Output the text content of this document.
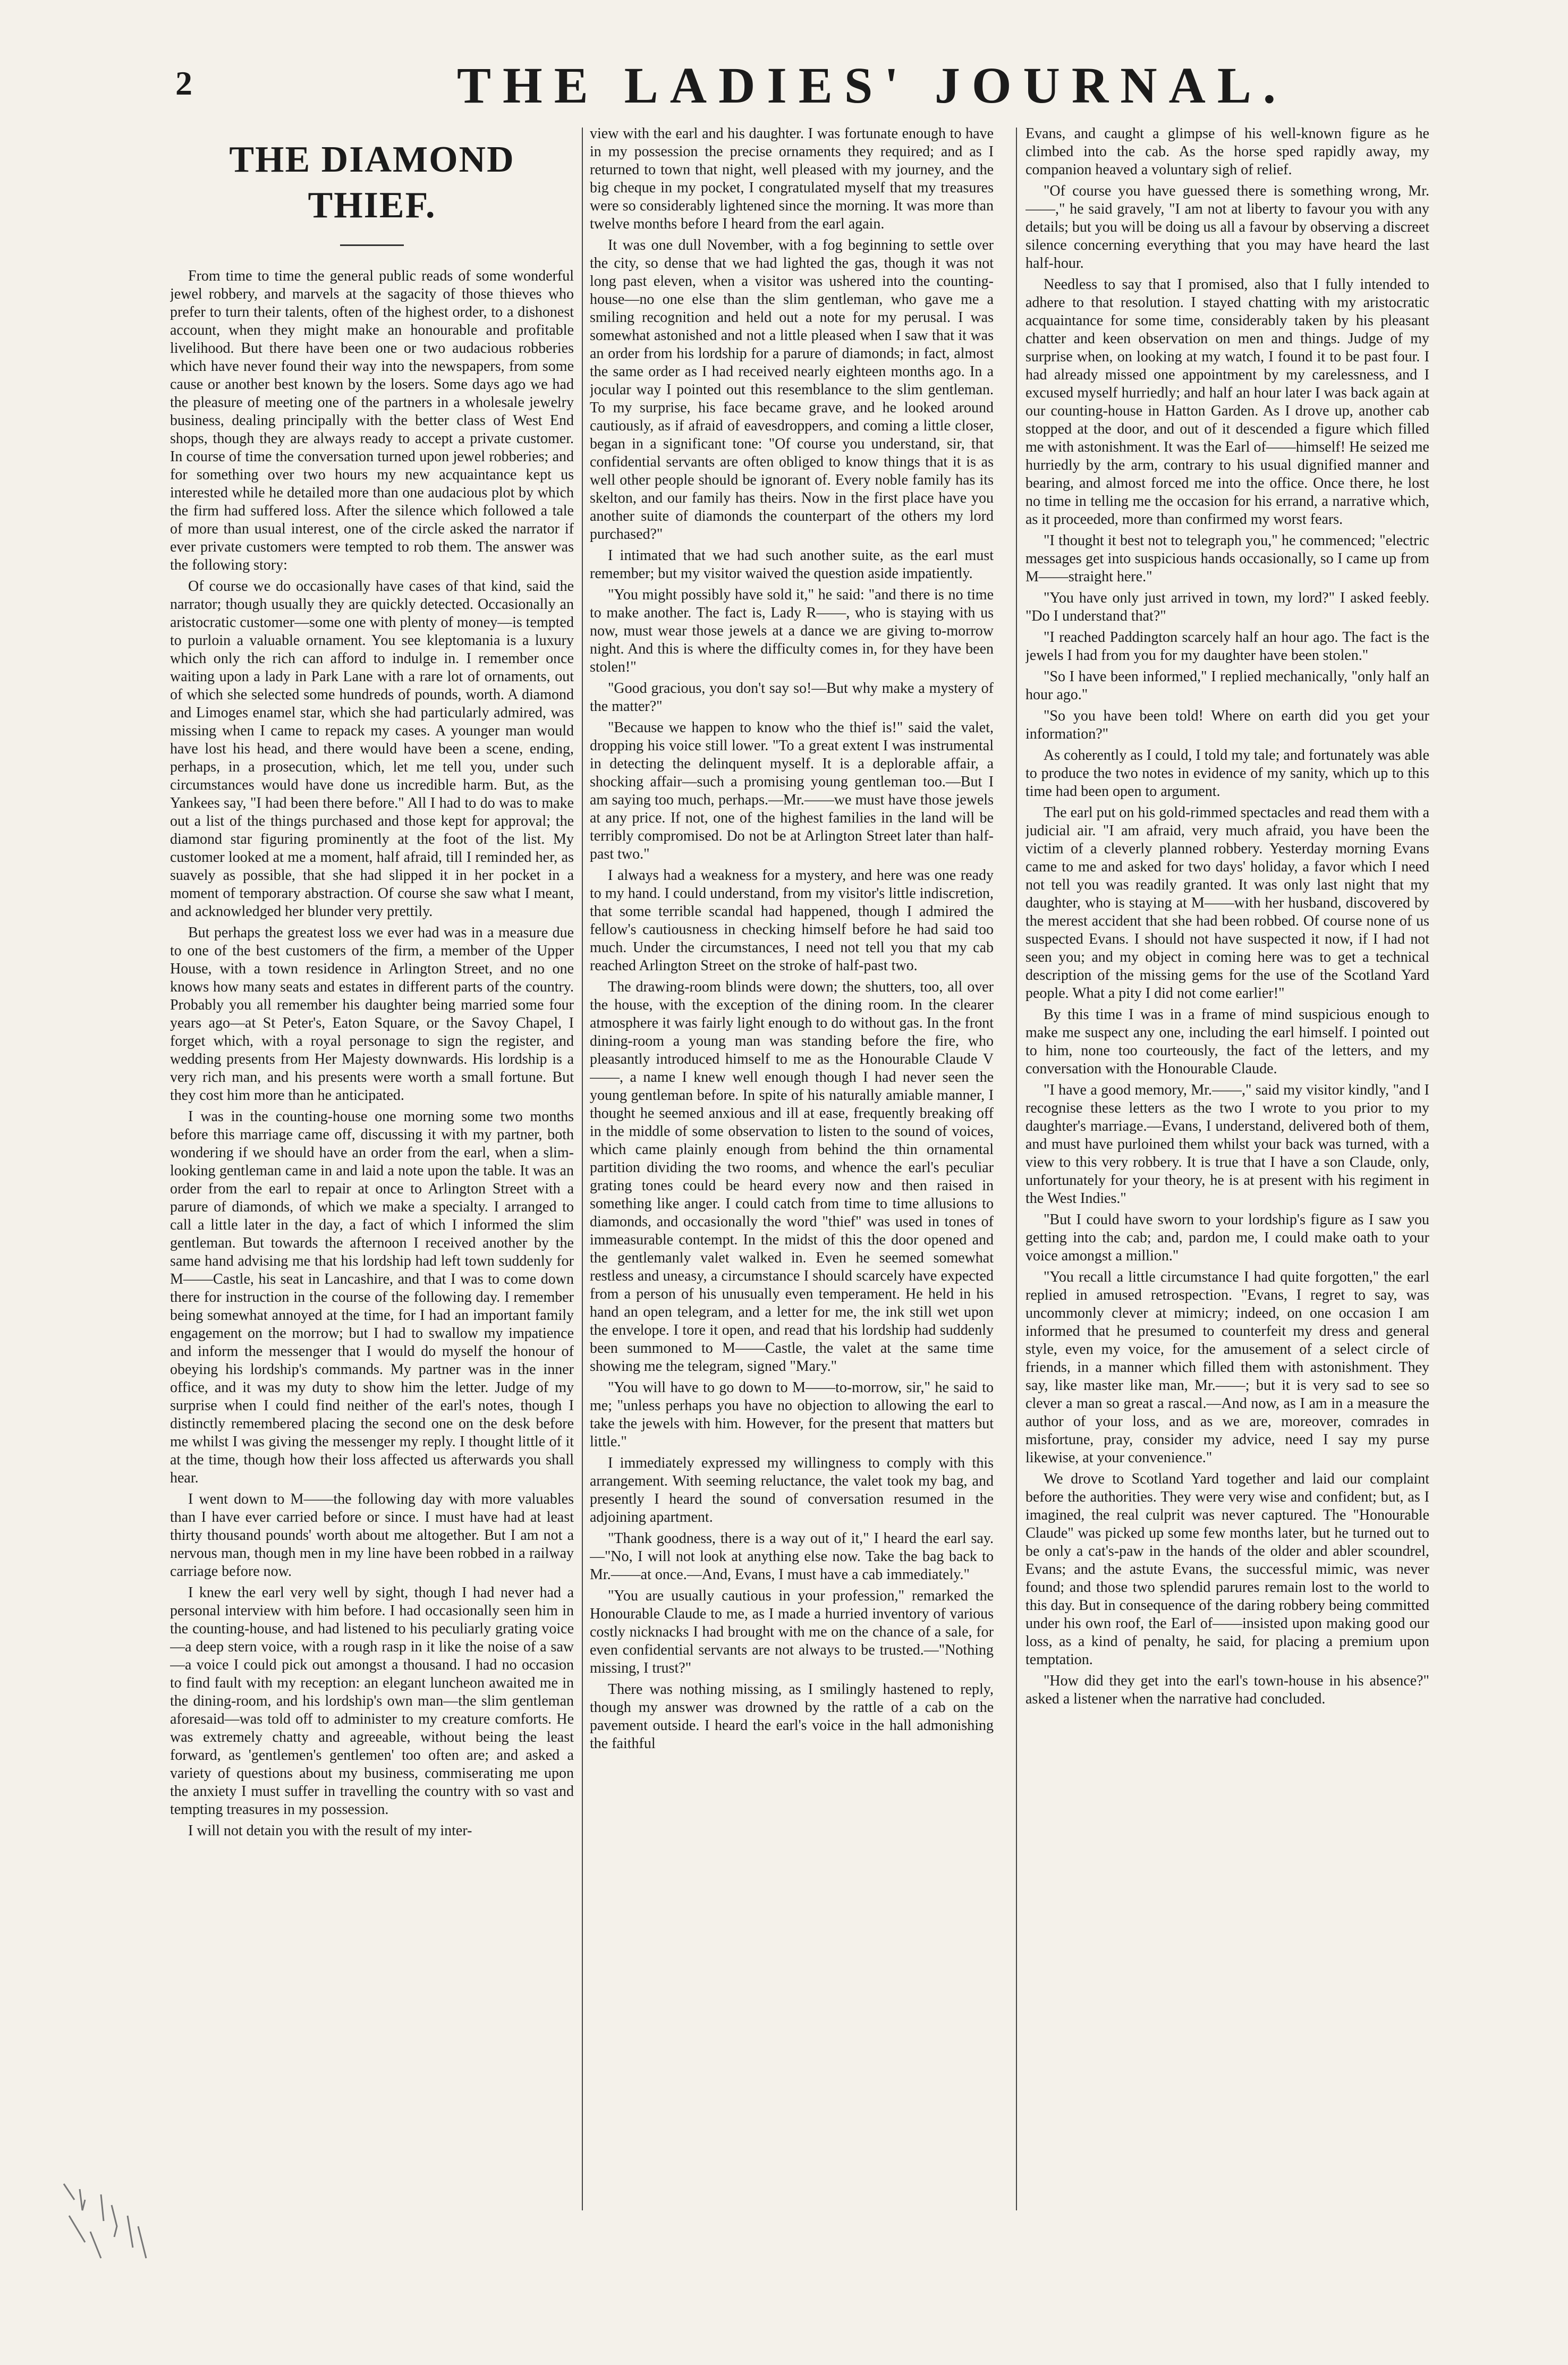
2	THE LADIES' JOURNAL.
THE DIAMOND THIEF.

From time to time the general public reads of some wonderful jewel robbery, and marvels at the sagacity of those thieves who prefer to turn their talents, often of the highest order, to a dishonest account, when they might make an honourable and profitable livelihood. But there have been one or two audacious robberies which have never found their way into the newspapers, from some cause or another best known by the losers. Some days ago we had the pleasure of meeting one of the partners in a wholesale jewelry business, dealing principally with the better class of West End shops, though they are always ready to accept a private customer. In course of time the conversation turned upon jewel robberies; and for something over two hours my new acquaintance kept us interested while he detailed more than one audacious plot by which the firm had suffered loss. After the silence which followed a tale of more than usual interest, one of the circle asked the narrator if ever private customers were tempted to rob them. The answer was the following story:

Of course we do occasionally have cases of that kind, said the narrator; though usually they are quickly detected. Occasionally an aristocratic customer—some one with plenty of money—is tempted to purloin a valuable ornament. You see kleptomania is a luxury which only the rich can afford to indulge in. I remember once waiting upon a lady in Park Lane with a rare lot of ornaments, out of which she selected some hundreds of pounds, worth. A diamond and Limoges enamel star, which she had particularly admired, was missing when I came to repack my cases. A younger man would have lost his head, and there would have been a scene, ending, perhaps, in a prosecution, which, let me tell you, under such circumstances would have done us incredible harm. But, as the Yankees say, "I had been there before." All I had to do was to make out a list of the things purchased and those kept for approval; the diamond star figuring prominently at the foot of the list. My customer looked at me a moment, half afraid, till I reminded her, as suavely as possible, that she had slipped it in her pocket in a moment of temporary abstraction. Of course she saw what I meant, and acknowledged her blunder very prettily.

But perhaps the greatest loss we ever had was in a measure due to one of the best customers of the firm, a member of the Upper House, with a town residence in Arlington Street, and no one knows how many seats and estates in different parts of the country. Probably you all remember his daughter being married some four years ago—at St Peter's, Eaton Square, or the Savoy Chapel, I forget which, with a royal personage to sign the register, and wedding presents from Her Majesty downwards. His lordship is a very rich man, and his presents were worth a small fortune. But they cost him more than he anticipated.

I was in the counting-house one morning some two months before this marriage came off, discussing it with my partner, both wondering if we should have an order from the earl, when a slim-looking gentleman came in and laid a note upon the table. It was an order from the earl to repair at once to Arlington Street with a parure of diamonds, of which we make a specialty. I arranged to call a little later in the day, a fact of which I informed the slim gentleman. But towards the afternoon I received another by the same hand advising me that his lordship had left town suddenly for M——Castle, his seat in Lancashire, and that I was to come down there for instruction in the course of the following day. I remember being somewhat annoyed at the time, for I had an important family engagement on the morrow; but I had to swallow my impatience and inform the messenger that I would do myself the honour of obeying his lordship's commands. My partner was in the inner office, and it was my duty to show him the letter. Judge of my surprise when I could find neither of the earl's notes, though I distinctly remembered placing the second one on the desk before me whilst I was giving the messenger my reply. I thought little of it at the time, though how their loss affected us afterwards you shall hear.

I went down to M——the following day with more valuables than I have ever carried before or since. I must have had at least thirty thousand pounds' worth about me altogether. But I am not a nervous man, though men in my line have been robbed in a railway carriage before now.

I knew the earl very well by sight, though I had never had a personal interview with him before. I had occasionally seen him in the counting-house, and had listened to his peculiarly grating voice—a deep stern voice, with a rough rasp in it like the noise of a saw—a voice I could pick out amongst a thousand. I had no occasion to find fault with my reception: an elegant luncheon awaited me in the dining-room, and his lordship's own man—the slim gentleman aforesaid—was told off to administer to my creature comforts. He was extremely chatty and agreeable, without being the least forward, as 'gentlemen's gentlemen' too often are; and asked a variety of questions about my business, commiserating me upon the anxiety I must suffer in travelling the country with so vast and tempting treasures in my possession.

I will not detain you with the result of my inter-

view with the earl and his daughter. I was fortunate enough to have in my possession the precise ornaments they required; and as I returned to town that night, well pleased with my journey, and the big cheque in my pocket, I congratulated myself that my treasures were so considerably lightened since the morning. It was more than twelve months before I heard from the earl again.

It was one dull November, with a fog beginning to settle over the city, so dense that we had lighted the gas, though it was not long past eleven, when a visitor was ushered into the counting-house—no one else than the slim gentleman, who gave me a smiling recognition and held out a note for my perusal. I was somewhat astonished and not a little pleased when I saw that it was an order from his lordship for a parure of diamonds; in fact, almost the same order as I had received nearly eighteen months ago. In a jocular way I pointed out this resemblance to the slim gentleman. To my surprise, his face became grave, and he looked around cautiously, as if afraid of eavesdroppers, and coming a little closer, began in a significant tone: "Of course you understand, sir, that confidential servants are often obliged to know things that it is as well other people should be ignorant of. Every noble family has its skelton, and our family has theirs. Now in the first place have you another suite of diamonds the counterpart of the others my lord purchased?"

I intimated that we had such another suite, as the earl must remember; but my visitor waived the question aside impatiently.

"You might possibly have sold it," he said: "and there is no time to make another. The fact is, Lady R——, who is staying with us now, must wear those jewels at a dance we are giving to-morrow night. And this is where the difficulty comes in, for they have been stolen!"

"Good gracious, you don't say so!—But why make a mystery of the matter?"

"Because we happen to know who the thief is!" said the valet, dropping his voice still lower. "To a great extent I was instrumental in detecting the delinquent myself. It is a deplorable affair, a shocking affair—such a promising young gentleman too.—But I am saying too much, perhaps.—Mr.——we must have those jewels at any price. If not, one of the highest families in the land will be terribly compromised. Do not be at Arlington Street later than half-past two."

I always had a weakness for a mystery, and here was one ready to my hand. I could understand, from my visitor's little indiscretion, that some terrible scandal had happened, though I admired the fellow's cautiousness in checking himself before he had said too much. Under the circumstances, I need not tell you that my cab reached Arlington Street on the stroke of half-past two.

The drawing-room blinds were down; the shutters, too, all over the house, with the exception of the dining room. In the clearer atmosphere it was fairly light enough to do without gas. In the front dining-room a young man was standing before the fire, who pleasantly introduced himself to me as the Honourable Claude V——, a name I knew well enough though I had never seen the young gentleman before. In spite of his naturally amiable manner, I thought he seemed anxious and ill at ease, frequently breaking off in the middle of some observation to listen to the sound of voices, which came plainly enough from behind the thin ornamental partition dividing the two rooms, and whence the earl's peculiar grating tones could be heard every now and then raised in something like anger. I could catch from time to time allusions to diamonds, and occasionally the word "thief" was used in tones of immeasurable contempt. In the midst of this the door opened and the gentlemanly valet walked in. Even he seemed somewhat restless and uneasy, a circumstance I should scarcely have expected from a person of his unusually even temperament. He held in his hand an open telegram, and a letter for me, the ink still wet upon the envelope. I tore it open, and read that his lordship had suddenly been summoned to M——Castle, the valet at the same time showing me the telegram, signed "Mary."

"You will have to go down to M——to-morrow, sir," he said to me; "unless perhaps you have no objection to allowing the earl to take the jewels with him. However, for the present that matters but little."

I immediately expressed my willingness to comply with this arrangement. With seeming reluctance, the valet took my bag, and presently I heard the sound of conversation resumed in the adjoining apartment.

"Thank goodness, there is a way out of it," I heard the earl say.—"No, I will not look at anything else now. Take the bag back to Mr.——at once.—And, Evans, I must have a cab immediately."

"You are usually cautious in your profession," remarked the Honourable Claude to me, as I made a hurried inventory of various costly nicknacks I had brought with me on the chance of a sale, for even confidential servants are not always to be trusted.—"Nothing missing, I trust?"

There was nothing missing, as I smilingly hastened to reply, though my answer was drowned by the rattle of a cab on the pavement outside. I heard the earl's voice in the hall admonishing the faithful

Evans, and caught a glimpse of his well-known figure as he climbed into the cab. As the horse sped rapidly away, my companion heaved a voluntary sigh of relief.

"Of course you have guessed there is something wrong, Mr.——," he said gravely, "I am not at liberty to favour you with any details; but you will be doing us all a favour by observing a discreet silence concerning everything that you may have heard the last half-hour.

Needless to say that I promised, also that I fully intended to adhere to that resolution. I stayed chatting with my aristocratic acquaintance for some time, considerably taken by his pleasant chatter and keen observation on men and things. Judge of my surprise when, on looking at my watch, I found it to be past four. I had already missed one appointment by my carelessness, and I excused myself hurriedly; and half an hour later I was back again at our counting-house in Hatton Garden. As I drove up, another cab stopped at the door, and out of it descended a figure which filled me with astonishment. It was the Earl of——himself! He seized me hurriedly by the arm, contrary to his usual dignified manner and bearing, and almost forced me into the office. Once there, he lost no time in telling me the occasion for his errand, a narrative which, as it proceeded, more than confirmed my worst fears.

"I thought it best not to telegraph you," he commenced; "electric messages get into suspicious hands occasionally, so I came up from M——straight here."

"You have only just arrived in town, my lord?" I asked feebly. "Do I understand that?"

"I reached Paddington scarcely half an hour ago. The fact is the jewels I had from you for my daughter have been stolen."

"So I have been informed," I replied mechanically, "only half an hour ago."

"So you have been told! Where on earth did you get your information?"

As coherently as I could, I told my tale; and fortunately was able to produce the two notes in evidence of my sanity, which up to this time had been open to argument.

The earl put on his gold-rimmed spectacles and read them with a judicial air. "I am afraid, very much afraid, you have been the victim of a cleverly planned robbery. Yesterday morning Evans came to me and asked for two days' holiday, a favor which I need not tell you was readily granted. It was only last night that my daughter, who is staying at M——with her husband, discovered by the merest accident that she had been robbed. Of course none of us suspected Evans. I should not have suspected it now, if I had not seen you; and my object in coming here was to get a technical description of the missing gems for the use of the Scotland Yard people. What a pity I did not come earlier!"

By this time I was in a frame of mind suspicious enough to make me suspect any one, including the earl himself. I pointed out to him, none too courteously, the fact of the letters, and my conversation with the Honourable Claude.

"I have a good memory, Mr.——," said my visitor kindly, "and I recognise these letters as the two I wrote to you prior to my daughter's marriage.—Evans, I understand, delivered both of them, and must have purloined them whilst your back was turned, with a view to this very robbery. It is true that I have a son Claude, only, unfortunately for your theory, he is at present with his regiment in the West Indies."

"But I could have sworn to your lordship's figure as I saw you getting into the cab; and, pardon me, I could make oath to your voice amongst a million."

"You recall a little circumstance I had quite forgotten," the earl replied in amused retrospection. "Evans, I regret to say, was uncommonly clever at mimicry; indeed, on one occasion I am informed that he presumed to counterfeit my dress and general style, even my voice, for the amusement of a select circle of friends, in a manner which filled them with astonishment. They say, like master like man, Mr.——; but it is very sad to see so clever a man so great a rascal.—And now, as I am in a measure the author of your loss, and as we are, moreover, comrades in misfortune, pray, consider my advice, need I say my purse likewise, at your convenience."

We drove to Scotland Yard together and laid our complaint before the authorities. They were very wise and confident; but, as I imagined, the real culprit was never captured. The "Honourable Claude" was picked up some few months later, but he turned out to be only a cat's-paw in the hands of the older and abler scoundrel, Evans; and the astute Evans, the successful mimic, was never found; and those two splendid parures remain lost to the world to this day. But in consequence of the daring robbery being committed under his own roof, the Earl of——insisted upon making good our loss, as a kind of penalty, he said, for placing a premium upon temptation.

"How did they get into the earl's town-house in his absence?" asked a listener when the narrative had concluded.
